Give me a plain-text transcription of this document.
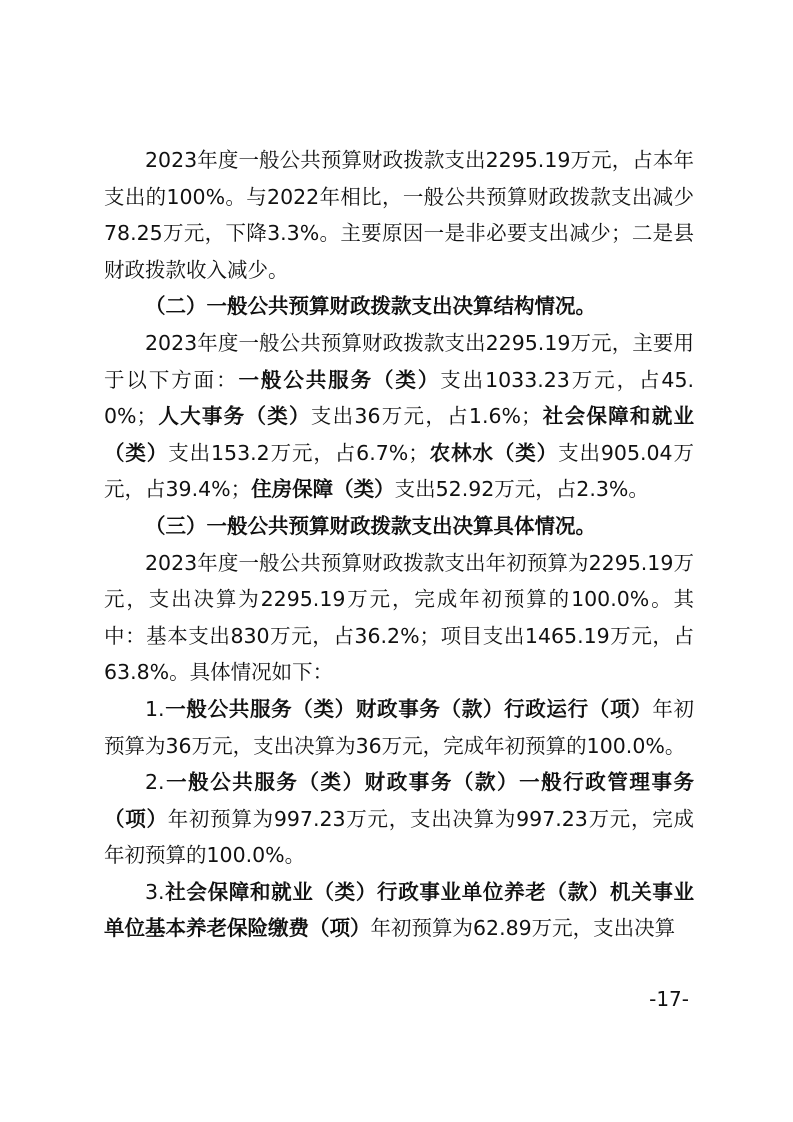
2023年度一般公共预算财政拨款支出2295.19万元，占本年支出的100%。与2022年相比，一般公共预算财政拨款支出减少78.25万元，下降3.3%。主要原因一是非必要支出减少；二是县财政拨款收入减少。

（二）一般公共预算财政拨款支出决算结构情况。

2023年度一般公共预算财政拨款支出2295.19万元，主要用于以下方面：一般公共服务（类）支出1033.23万元，占45.0%；人大事务（类）支出36万元，占1.6%；社会保障和就业（类）支出153.2万元，占6.7%；农林水（类）支出905.04万元，占39.4%；住房保障（类）支出52.92万元，占2.3%。

（三）一般公共预算财政拨款支出决算具体情况。

2023年度一般公共预算财政拨款支出年初预算为2295.19万元，支出决算为2295.19万元，完成年初预算的100.0%。其中：基本支出830万元，占36.2%；项目支出1465.19万元，占63.8%。具体情况如下：

1.一般公共服务（类）财政事务（款）行政运行（项）年初预算为36万元，支出决算为36万元，完成年初预算的100.0%。

2.一般公共服务（类）财政事务（款）一般行政管理事务（项）年初预算为997.23万元，支出决算为997.23万元，完成年初预算的100.0%。

3.社会保障和就业（类）行政事业单位养老（款）机关事业单位基本养老保险缴费（项）年初预算为62.89万元，支出决算

-17-
